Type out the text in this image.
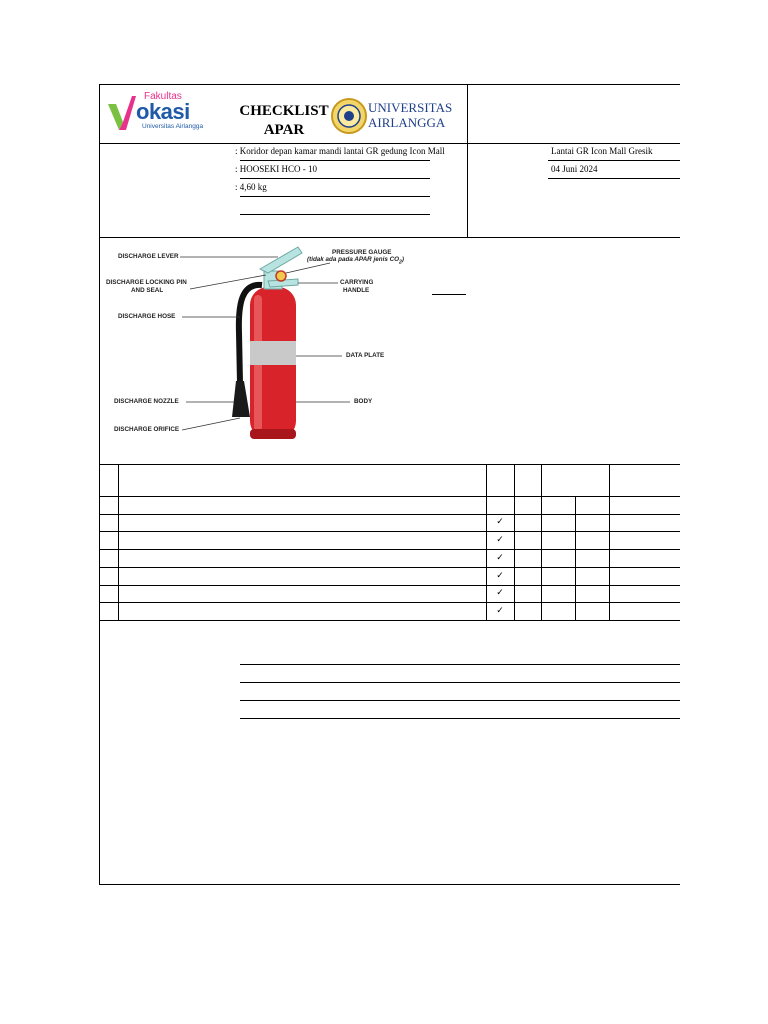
Fakultas
okasi
Universitas Airlangga
CHECKLIST
APAR
UNIVERSITAS
AIRLANGGA
: Koridor depan kamar mandi lantai GR gedung Icon Mall
: HOOSEKI HCO - 10
: 4,60 kg
Lantai GR Icon Mall Gresik
04 Juni 2024
DISCHARGE LEVER
DISCHARGE LOCKING PIN
AND SEAL
DISCHARGE HOSE
DISCHARGE NOZZLE
DISCHARGE ORIFICE
PRESSURE GAUGE
(tidak ada pada APAR jenis $CO_2$)
CARRYING
HANDLE
DATA PLATE
BODY
✓
✓
✓
✓
✓
✓
